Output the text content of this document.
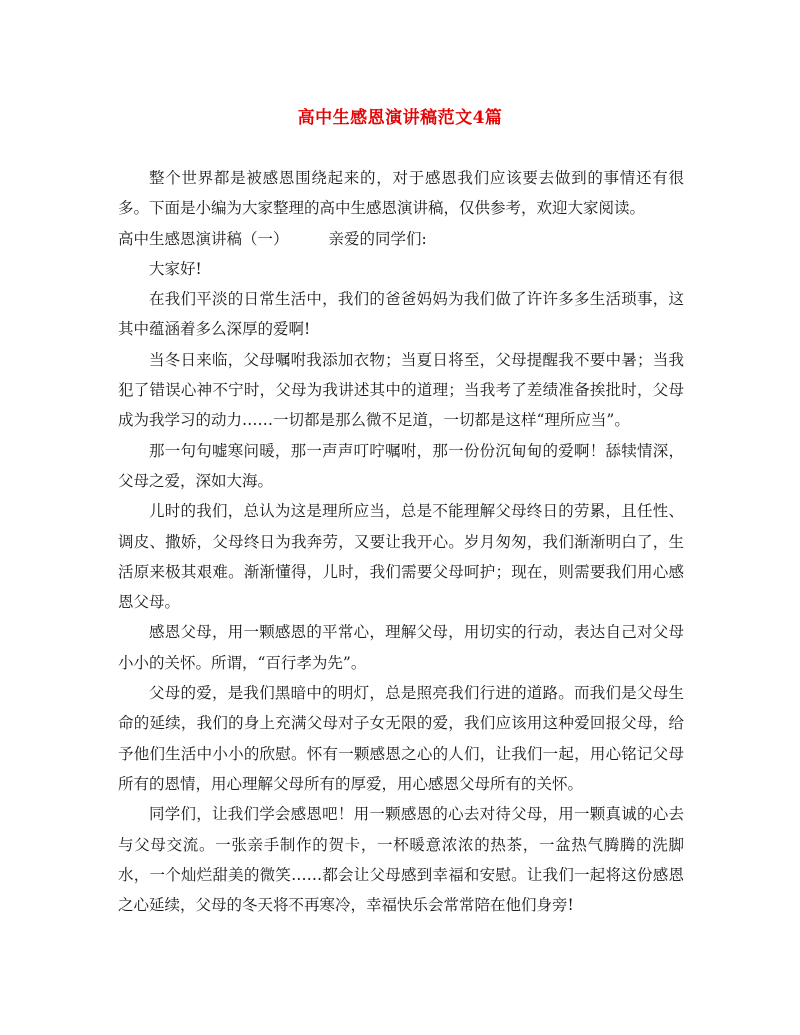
高中生感恩演讲稿范文4篇

整个世界都是被感恩围绕起来的，对于感恩我们应该要去做到的事情还有很多。下面是小编为大家整理的高中生感恩演讲稿，仅供参考，欢迎大家阅读。

高中生感恩演讲稿（一）	亲爱的同学们:

大家好!

在我们平淡的日常生活中，我们的爸爸妈妈为我们做了许许多多生活琐事，这其中蕴涵着多么深厚的爱啊!

当冬日来临，父母嘱咐我添加衣物；当夏日将至，父母提醒我不要中暑；当我犯了错误心神不宁时，父母为我讲述其中的道理；当我考了差绩准备挨批时，父母成为我学习的动力……一切都是那么微不足道，一切都是这样“理所应当”。

那一句句嘘寒问暖，那一声声叮咛嘱咐，那一份份沉甸甸的爱啊！舔犊情深，父母之爱，深如大海。

儿时的我们，总认为这是理所应当，总是不能理解父母终日的劳累，且任性、调皮、撒娇，父母终日为我奔劳，又要让我开心。岁月匆匆，我们渐渐明白了，生活原来极其艰难。渐渐懂得，儿时，我们需要父母呵护；现在，则需要我们用心感恩父母。

感恩父母，用一颗感恩的平常心，理解父母，用切实的行动，表达自己对父母小小的关怀。所谓，“百行孝为先”。

父母的爱，是我们黑暗中的明灯，总是照亮我们行进的道路。而我们是父母生命的延续，我们的身上充满父母对子女无限的爱，我们应该用这种爱回报父母，给予他们生活中小小的欣慰。怀有一颗感恩之心的人们，让我们一起，用心铭记父母所有的恩情，用心理解父母所有的厚爱，用心感恩父母所有的关怀。

同学们，让我们学会感恩吧！用一颗感恩的心去对待父母，用一颗真诚的心去与父母交流。一张亲手制作的贺卡，一杯暖意浓浓的热茶，一盆热气腾腾的洗脚水，一个灿烂甜美的微笑……都会让父母感到幸福和安慰。让我们一起将这份感恩之心延续，父母的冬天将不再寒冷，幸福快乐会常常陪在他们身旁!
